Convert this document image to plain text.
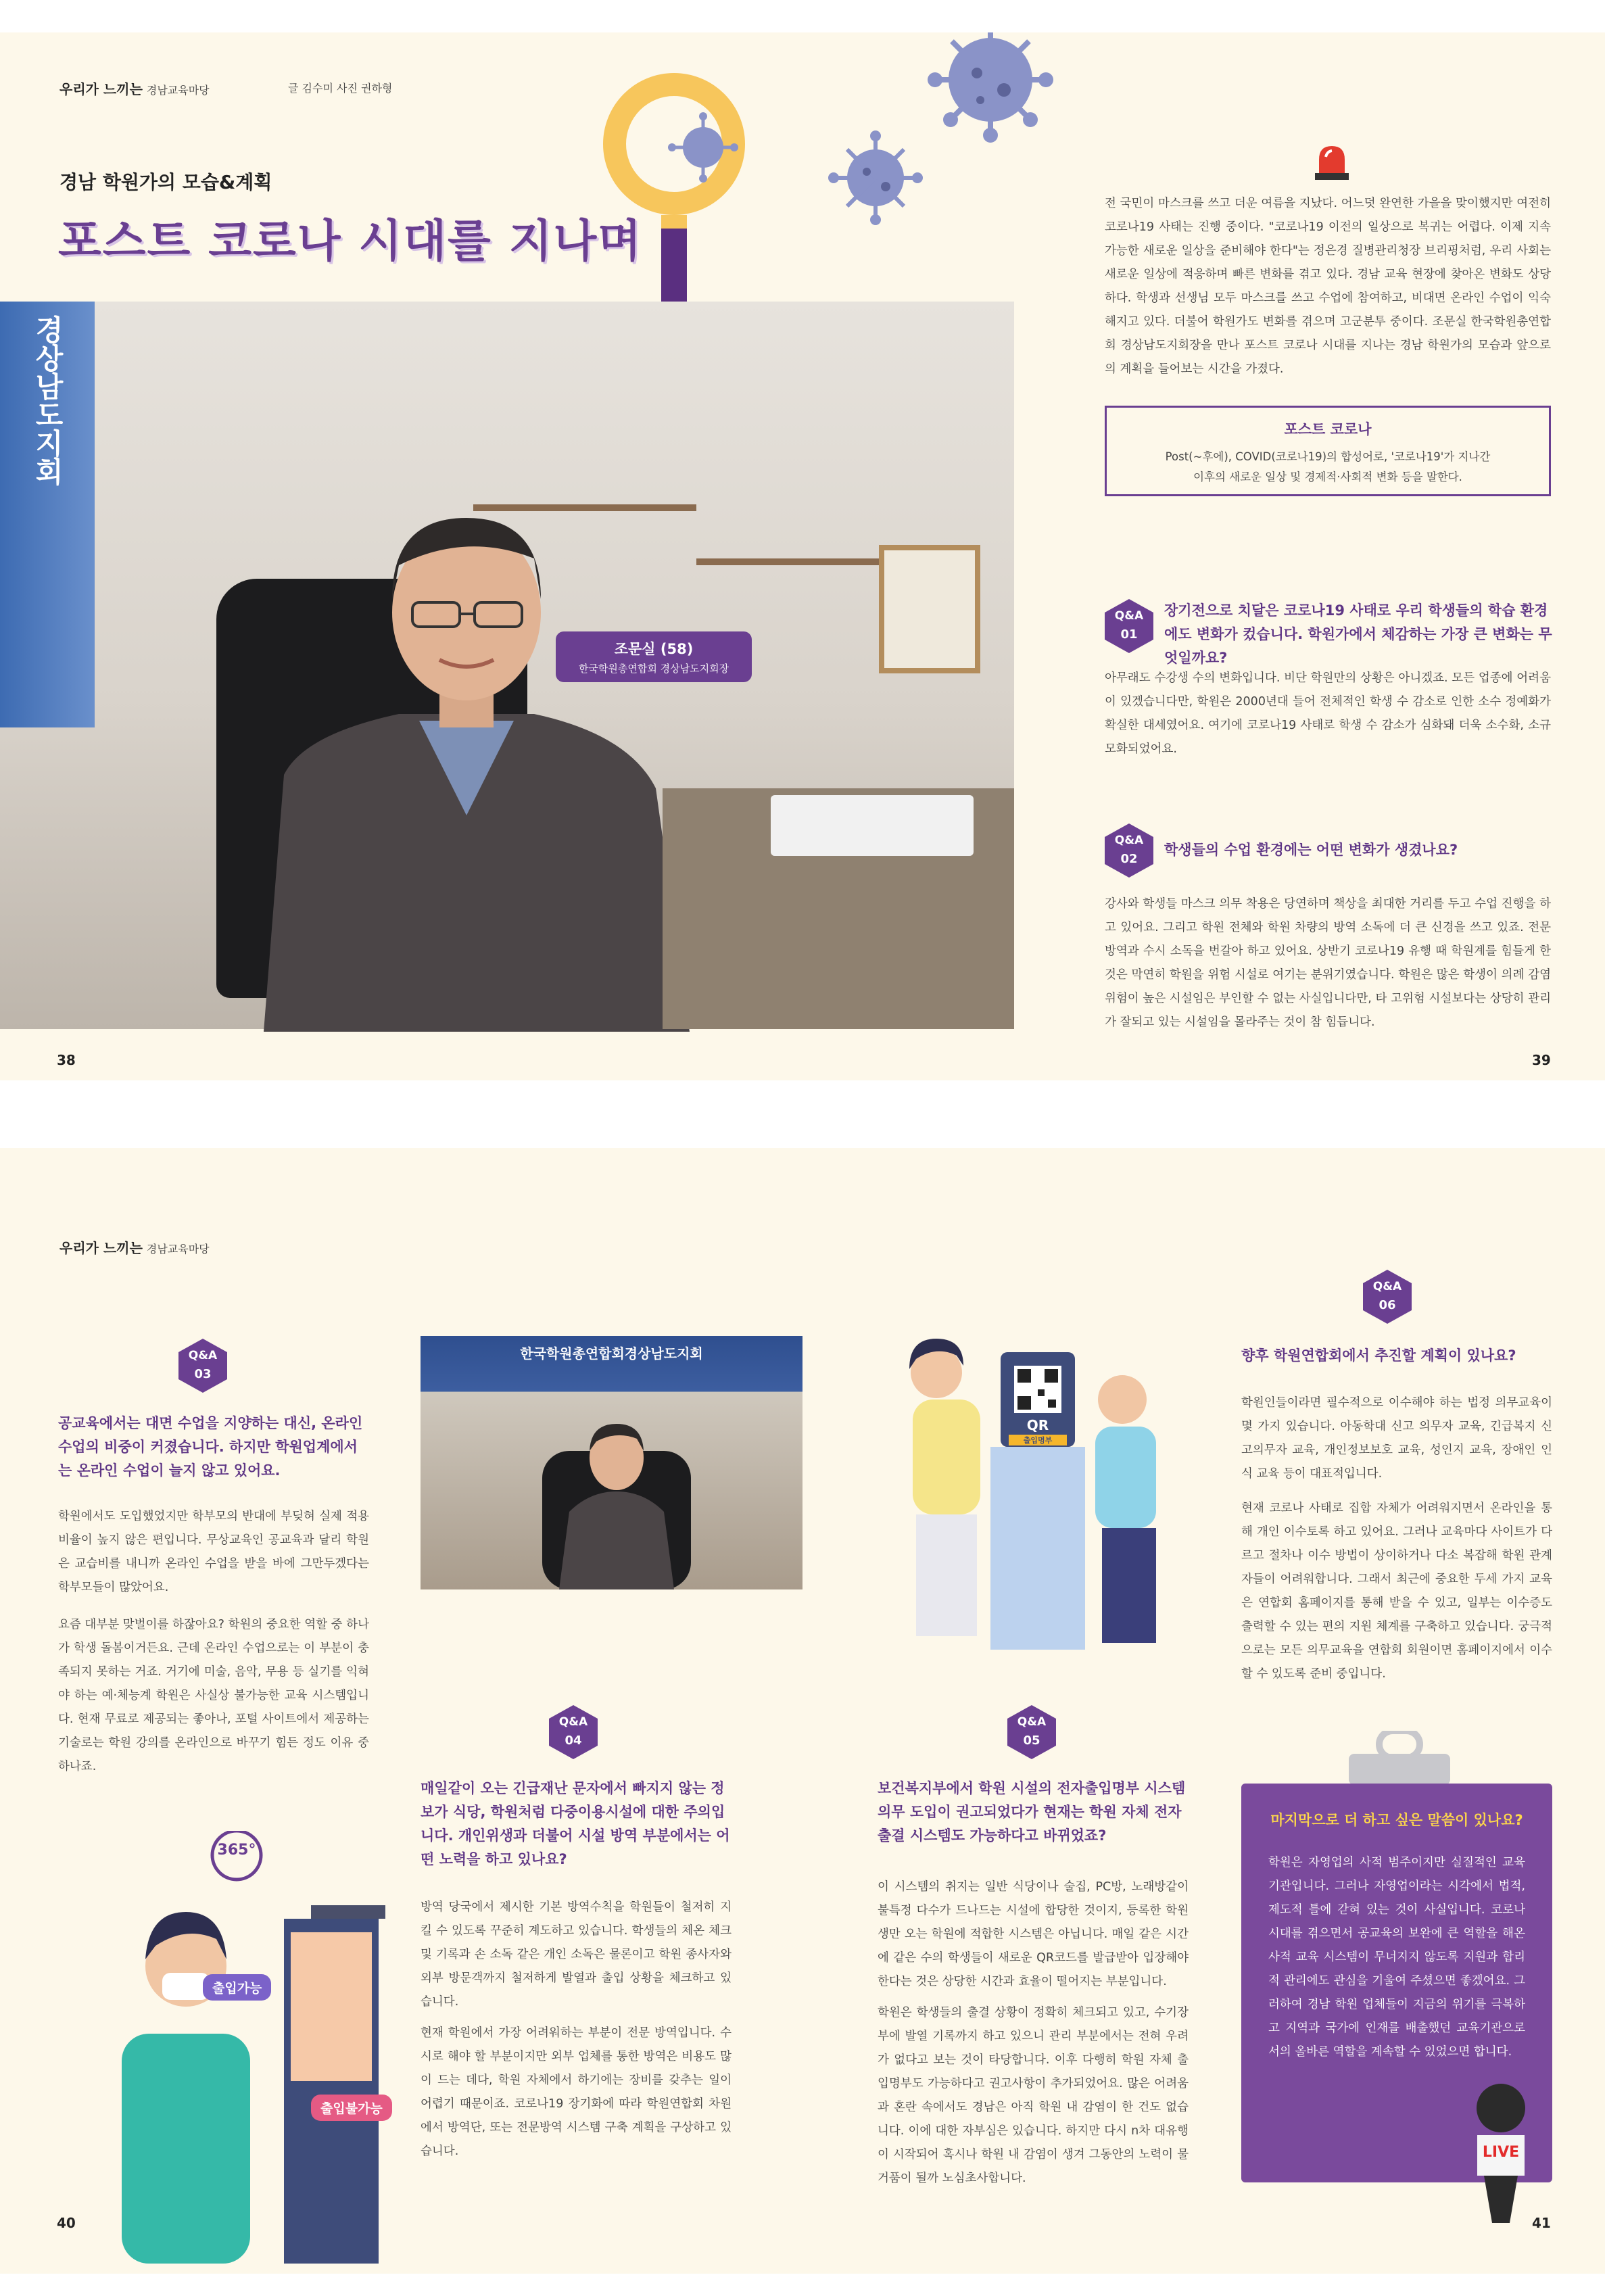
우리가 느끼는 경남교육마당	글 김수미 사진 권하형
경남 학원가의 모습&계획
포스트 코로나 시대를 지나며
경상남도지회
조문실 (58)
한국학원총연합회 경상남도지회장
전 국민이 마스크를 쓰고 더운 여름을 지났다. 어느덧 완연한 가을을 맞이했지만 여전히 코로나19 사태는 진행 중이다. "코로나19 이전의 일상으로 복귀는 어렵다. 이제 지속 가능한 새로운 일상을 준비해야 한다"는 정은경 질병관리청장 브리핑처럼, 우리 사회는 새로운 일상에 적응하며 빠른 변화를 겪고 있다. 경남 교육 현장에 찾아온 변화도 상당하다. 학생과 선생님 모두 마스크를 쓰고 수업에 참여하고, 비대면 온라인 수업이 익숙해지고 있다. 더불어 학원가도 변화를 겪으며 고군분투 중이다. 조문실 한국학원총연합회 경상남도지회장을 만나 포스트 코로나 시대를 지나는 경남 학원가의 모습과 앞으로의 계획을 들어보는 시간을 가졌다.
포스트 코로나
Post(~후에), COVID(코로나19)의 합성어로, '코로나19'가 지나간
이후의 새로운 일상 및 경제적·사회적 변화 등을 말한다.
Q&A
01
장기전으로 치달은 코로나19 사태로 우리 학생들의 학습 환경에도 변화가 컸습니다. 학원가에서 체감하는 가장 큰 변화는 무엇일까요?
아무래도 수강생 수의 변화입니다. 비단 학원만의 상황은 아니겠죠. 모든 업종에 어려움이 있겠습니다만, 학원은 2000년대 들어 전체적인 학생 수 감소로 인한 소수 정예화가 확실한 대세였어요. 여기에 코로나19 사태로 학생 수 감소가 심화돼 더욱 소수화, 소규모화되었어요.
Q&A
02
학생들의 수업 환경에는 어떤 변화가 생겼나요?
강사와 학생들 마스크 의무 착용은 당연하며 책상을 최대한 거리를 두고 수업 진행을 하고 있어요. 그리고 학원 전체와 학원 차량의 방역 소독에 더 큰 신경을 쓰고 있죠. 전문 방역과 수시 소독을 번갈아 하고 있어요. 상반기 코로나19 유행 때 학원계를 힘들게 한 것은 막연히 학원을 위험 시설로 여기는 분위기였습니다. 학원은 많은 학생이 의례 감염 위험이 높은 시설임은 부인할 수 없는 사실입니다만, 타 고위험 시설보다는 상당히 관리가 잘되고 있는 시설임을 몰라주는 것이 참 힘듭니다.
38	39
우리가 느끼는 경남교육마당
Q&A
03
공교육에서는 대면 수업을 지양하는 대신, 온라인 수업의 비중이 커졌습니다. 하지만 학원업계에서는 온라인 수업이 늘지 않고 있어요.
학원에서도 도입했었지만 학부모의 반대에 부딪혀 실제 적용 비율이 높지 않은 편입니다. 무상교육인 공교육과 달리 학원은 교습비를 내니까 온라인 수업을 받을 바에 그만두겠다는 학부모들이 많았어요.
요즘 대부분 맞벌이를 하잖아요? 학원의 중요한 역할 중 하나가 학생 돌봄이거든요. 근데 온라인 수업으로는 이 부분이 충족되지 못하는 거죠. 거기에 미술, 음악, 무용 등 실기를 익혀야 하는 예·체능계 학원은 사실상 불가능한 교육 시스템입니다. 현재 무료로 제공되는 좋아나, 포털 사이트에서 제공하는 기술로는 학원 강의를 온라인으로 바꾸기 힘든 정도 이유 중 하나죠.
365°
출입가능
출입불가능
한국학원총연합회경상남도지회
Q&A
04
매일같이 오는 긴급재난 문자에서 빠지지 않는 정보가 식당, 학원처럼 다중이용시설에 대한 주의입니다. 개인위생과 더불어 시설 방역 부분에서는 어떤 노력을 하고 있나요?
방역 당국에서 제시한 기본 방역수칙을 학원들이 철저히 지킬 수 있도록 꾸준히 계도하고 있습니다. 학생들의 체온 체크 및 기록과 손 소독 같은 개인 소독은 물론이고 학원 종사자와 외부 방문객까지 철저하게 발열과 출입 상황을 체크하고 있습니다.
현재 학원에서 가장 어려워하는 부분이 전문 방역입니다. 수시로 해야 할 부분이지만 외부 업체를 통한 방역은 비용도 많이 드는 데다, 학원 자체에서 하기에는 장비를 갖추는 일이 어렵기 때문이죠. 코로나19 장기화에 따라 학원연합회 차원에서 방역단, 또는 전문방역 시스템 구축 계획을 구상하고 있습니다.
QR
출입명부
Q&A
05
보건복지부에서 학원 시설의 전자출입명부 시스템 의무 도입이 권고되었다가 현재는 학원 자체 전자출결 시스템도 가능하다고 바뀌었죠?
이 시스템의 취지는 일반 식당이나 술집, PC방, 노래방같이 불특정 다수가 드나드는 시설에 합당한 것이지, 등록한 학원생만 오는 학원에 적합한 시스템은 아닙니다. 매일 같은 시간에 같은 수의 학생들이 새로운 QR코드를 발급받아 입장해야 한다는 것은 상당한 시간과 효율이 떨어지는 부분입니다.
학원은 학생들의 출결 상황이 정확히 체크되고 있고, 수기장부에 발열 기록까지 하고 있으니 관리 부분에서는 전혀 우려가 없다고 보는 것이 타당합니다. 이후 다행히 학원 자체 출입명부도 가능하다고 권고사항이 추가되었어요. 많은 어려움과 혼란 속에서도 경남은 아직 학원 내 감염이 한 건도 없습니다. 이에 대한 자부심은 있습니다. 하지만 다시 n차 대유행이 시작되어 혹시나 학원 내 감염이 생겨 그동안의 노력이 물거품이 될까 노심초사합니다.
Q&A
06
향후 학원연합회에서 추진할 계획이 있나요?
학원인들이라면 필수적으로 이수해야 하는 법정 의무교육이 몇 가지 있습니다. 아동학대 신고 의무자 교육, 긴급복지 신고의무자 교육, 개인정보보호 교육, 성인지 교육, 장애인 인식 교육 등이 대표적입니다.
현재 코로나 사태로 집합 자체가 어려워지면서 온라인을 통해 개인 이수토록 하고 있어요. 그러나 교육마다 사이트가 다르고 절차나 이수 방법이 상이하거나 다소 복잡해 학원 관계자들이 어려워합니다. 그래서 최근에 중요한 두세 가지 교육은 연합회 홈페이지를 통해 받을 수 있고, 일부는 이수증도 출력할 수 있는 편의 지원 체계를 구축하고 있습니다. 궁극적으로는 모든 의무교육을 연합회 회원이면 홈페이지에서 이수할 수 있도록 준비 중입니다.
마지막으로 더 하고 싶은 말씀이 있나요?
학원은 자영업의 사적 범주이지만 실질적인 교육기관입니다. 그러나 자영업이라는 시각에서 법적, 제도적 틀에 갇혀 있는 것이 사실입니다. 코로나 시대를 겪으면서 공교육의 보완에 큰 역할을 해온 사적 교육 시스템이 무너지지 않도록 지원과 합리적 관리에도 관심을 기울여 주셨으면 좋겠어요. 그러하여 경남 학원 업체들이 지금의 위기를 극복하고 지역과 국가에 인재를 배출했던 교육기관으로서의 올바른 역할을 계속할 수 있었으면 합니다.
LIVE
40	41
